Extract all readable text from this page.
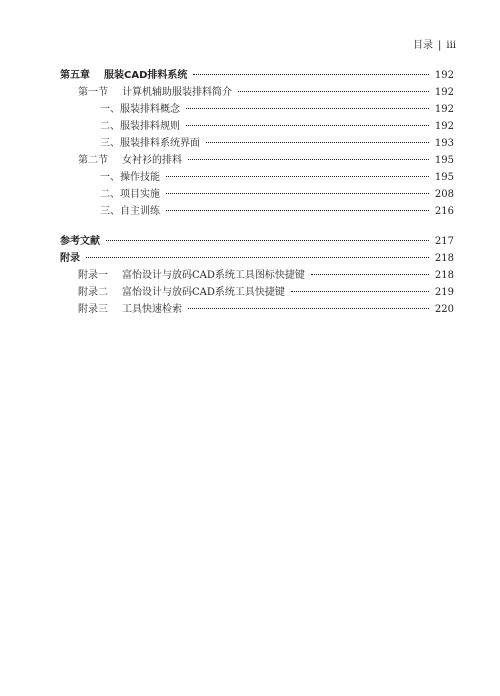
目录 | iii
第五章 服装CAD排料系统	192
第一节 计算机辅助服装排料简介	192
一、服装排料概念	192
二、服装排料规则	192
三、服装排料系统界面	193
第二节 女衬衫的排料	195
一、操作技能	195
二、项目实施	208
三、自主训练	216
参考文献	217
附录	218
附录一 富怡设计与放码CAD系统工具图标快捷键	218
附录二 富怡设计与放码CAD系统工具快捷键	219
附录三 工具快速检索	220
